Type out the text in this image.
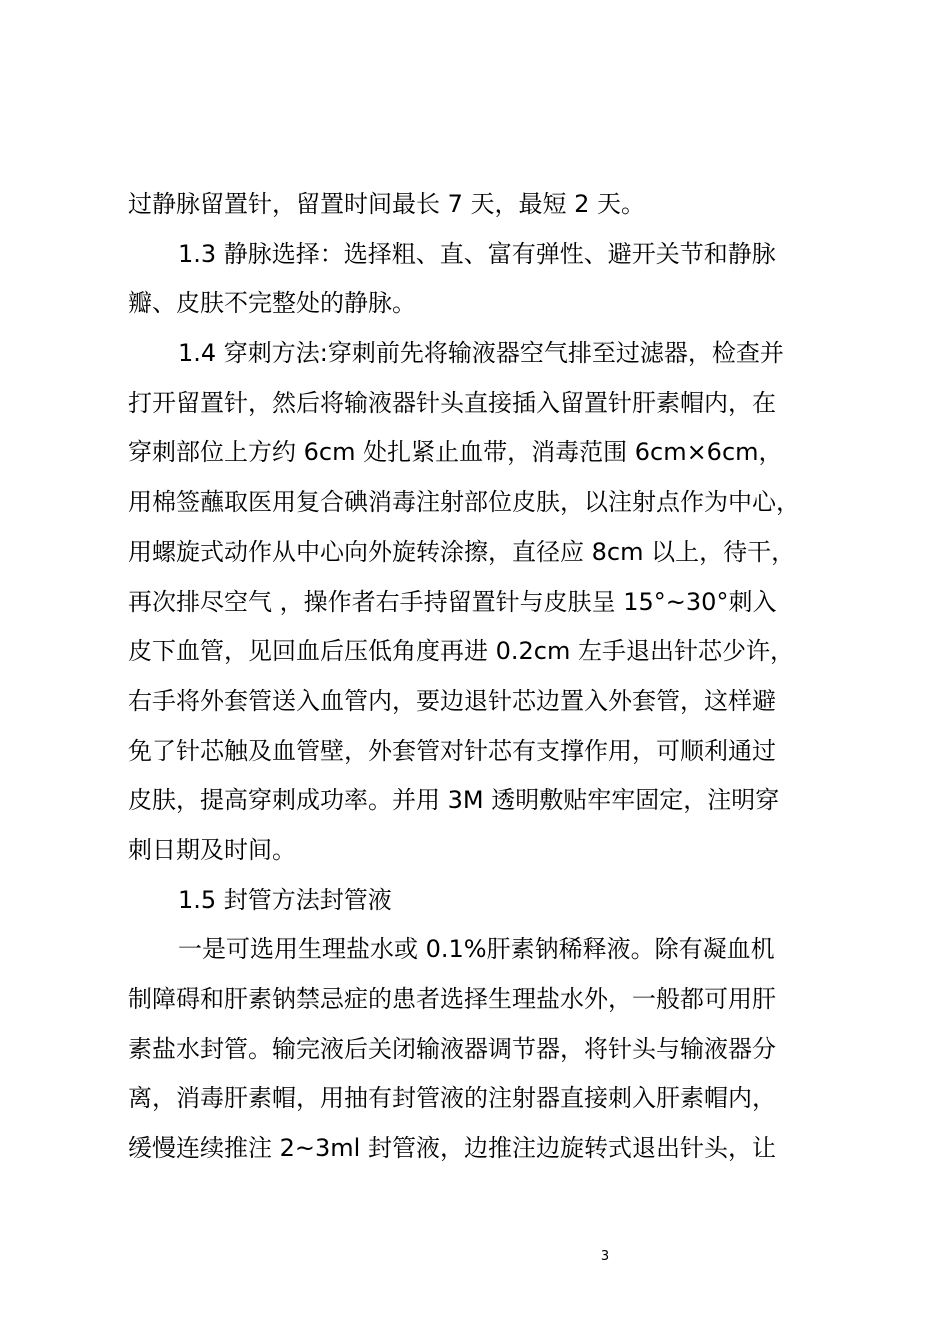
过静脉留置针，留置时间最长 7 天，最短 2 天。
1.3 静脉选择：选择粗、直、富有弹性、避开关节和静脉
瓣、皮肤不完整处的静脉。
1.4 穿刺方法:穿刺前先将输液器空气排至过滤器，检查并
打开留置针，然后将输液器针头直接插入留置针肝素帽内，在
穿刺部位上方约 6cm 处扎紧止血带，消毒范围 6cm×6cm，
用棉签蘸取医用复合碘消毒注射部位皮肤，以注射点作为中心，
用螺旋式动作从中心向外旋转涂擦，直径应 8cm 以上，待干，
再次排尽空气 ，操作者右手持留置针与皮肤呈 15°~30°刺入
皮下血管，见回血后压低角度再进 0.2cm 左手退出针芯少许，
右手将外套管送入血管内，要边退针芯边置入外套管，这样避
免了针芯触及血管壁，外套管对针芯有支撑作用，可顺利通过
皮肤，提高穿刺成功率。并用 3M 透明敷贴牢牢固定，注明穿
刺日期及时间。
1.5 封管方法封管液
一是可选用生理盐水或 0.1%肝素钠稀释液。除有凝血机
制障碍和肝素钠禁忌症的患者选择生理盐水外，一般都可用肝
素盐水封管。输完液后关闭输液器调节器，将针头与输液器分
离，消毒肝素帽，用抽有封管液的注射器直接刺入肝素帽内，
缓慢连续推注 2~3ml 封管液，边推注边旋转式退出针头，让
3
